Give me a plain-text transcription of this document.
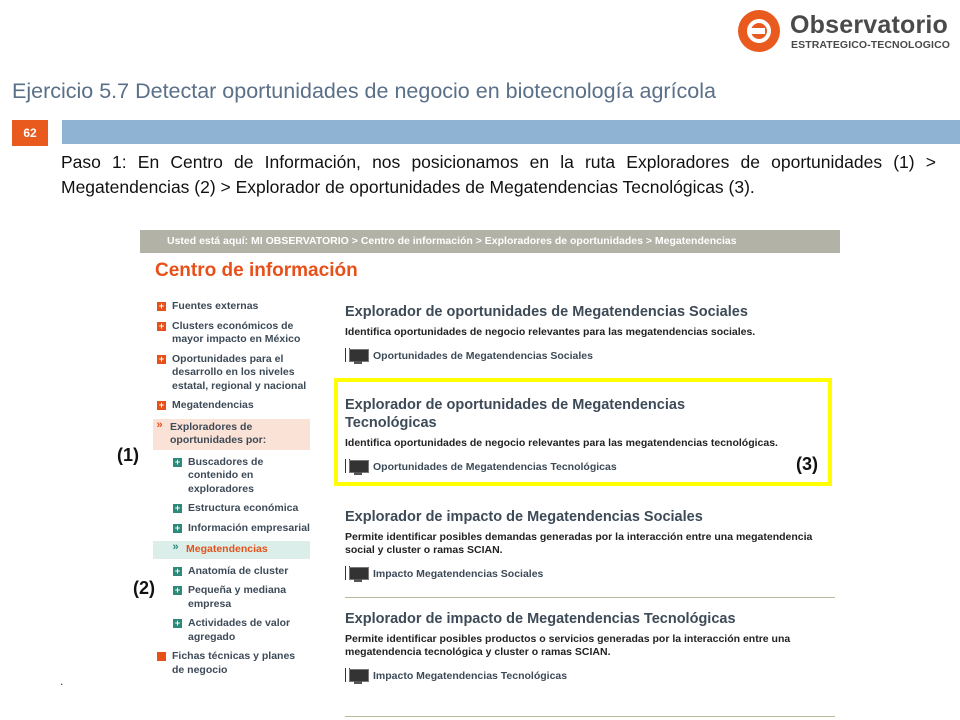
Observatorio
ESTRATEGICO-TECNOLOGICO
Ejercicio 5.7 Detectar oportunidades de negocio en biotecnología agrícola
62
Paso 1: En Centro de Información, nos posicionamos en la ruta Exploradores de oportunidades (1) > Megatendencias (2) > Explorador de oportunidades de Megatendencias Tecnológicas (3).
Usted está aquí: MI OBSERVATORIO > Centro de información > Exploradores de oportunidades > Megatendencias
Centro de información
+ Fuentes externas
+ Clusters económicos de mayor impacto en México
+ Oportunidades para el desarrollo en los niveles estatal, regional y nacional
+ Megatendencias
» Exploradores de oportunidades por:
+ Buscadores de contenido en exploradores
+ Estructura económica
+ Información empresarial
» Megatendencias
+ Anatomía de cluster
+ Pequeña y mediana empresa
+ Actividades de valor agregado
Fichas técnicas y planes de negocio
Explorador de oportunidades de Megatendencias Sociales
Identifica oportunidades de negocio relevantes para las megatendencias sociales.
Oportunidades de Megatendencias Sociales
Explorador de oportunidades de Megatendencias Tecnológicas
Identifica oportunidades de negocio relevantes para las megatendencias tecnológicas.
Oportunidades de Megatendencias Tecnológicas
Explorador de impacto de Megatendencias Sociales
Permite identificar posibles demandas generadas por la interacción entre una megatendencia social y cluster o ramas SCIAN.
Impacto Megatendencias Sociales
Explorador de impacto de Megatendencias Tecnológicas
Permite identificar posibles productos o servicios generadas por la interacción entre una megatendencia tecnológica y cluster o ramas SCIAN.
Impacto Megatendencias Tecnológicas
(1)
(2)
(3)
.
